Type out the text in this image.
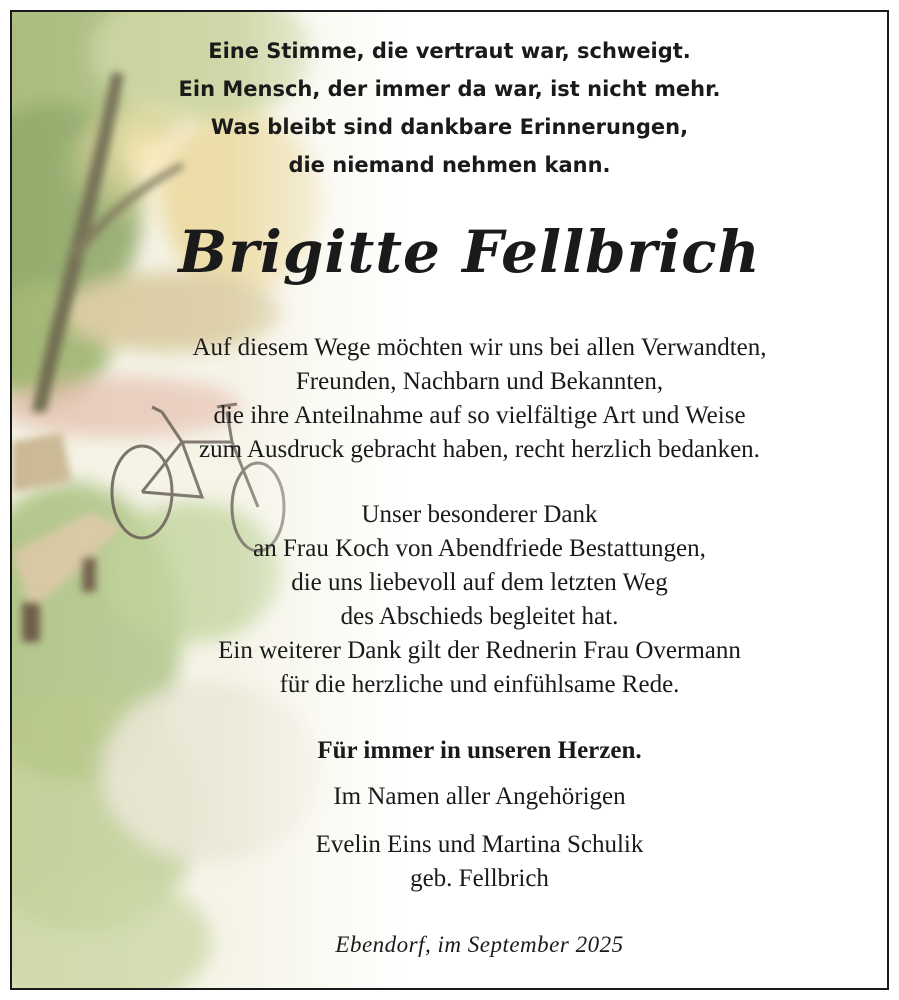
Eine Stimme, die vertraut war, schweigt.
Ein Mensch, der immer da war, ist nicht mehr.
Was bleibt sind dankbare Erinnerungen,
die niemand nehmen kann.
Brigitte Fellbrich
Auf diesem Wege möchten wir uns bei allen Verwandten,
Freunden, Nachbarn und Bekannten,
die ihre Anteilnahme auf so vielfältige Art und Weise
zum Ausdruck gebracht haben, recht herzlich bedanken.
Unser besonderer Dank
an Frau Koch von Abendfriede Bestattungen,
die uns liebevoll auf dem letzten Weg
des Abschieds begleitet hat.
Ein weiterer Dank gilt der Rednerin Frau Overmann
für die herzliche und einfühlsame Rede.
Für immer in unseren Herzen.
Im Namen aller Angehörigen
Evelin Eins und Martina Schulik
geb. Fellbrich
Ebendorf, im September 2025
